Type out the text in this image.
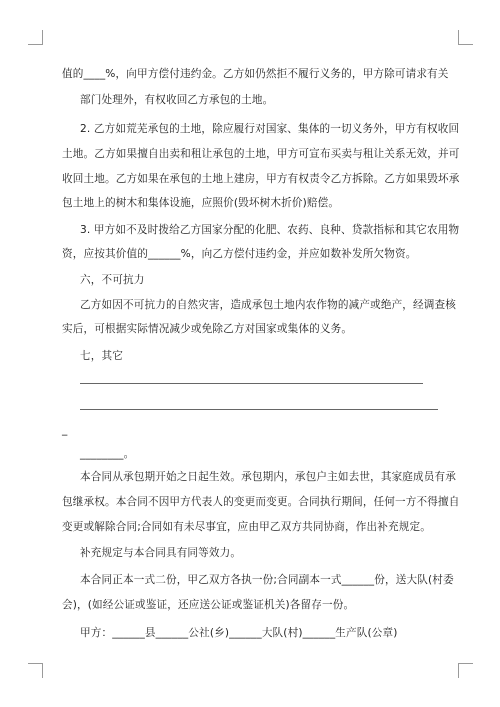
值的____%，向甲方偿付违约金。乙方如仍然拒不履行义务的，甲方除可请求有关
部门处理外，有权收回乙方承包的土地。
2. 乙方如荒芜承包的土地，除应履行对国家、集体的一切义务外，甲方有权收回
土地。乙方如果擅自出卖和租让承包的土地，甲方可宣布买卖与租让关系无效，并可
收回土地。乙方如果在承包的土地上建房，甲方有权责令乙方拆除。乙方如果毁坏承
包土地上的树木和集体设施，应照价(毁坏树木折价)赔偿。
3. 甲方如不及时拨给乙方国家分配的化肥、农药、良种、贷款指标和其它农用物
资，应按其价值的______%，向乙方偿付违约金，并应如数补发所欠物资。
六，不可抗力
乙方如因不可抗力的自然灾害，造成承包土地内农作物的减产或绝产，经调查核
实后，可根据实际情况减少或免除乙方对国家或集体的义务。
七，其它
_
________。
本合同从承包期开始之日起生效。承包期内，承包户主如去世，其家庭成员有承
包继承权。本合同不因甲方代表人的变更而变更。合同执行期间，任何一方不得擅自
变更或解除合同;合同如有未尽事宜，应由甲乙双方共同协商，作出补充规定。
补充规定与本合同具有同等效力。
本合同正本一式二份，甲乙双方各执一份;合同副本一式______份，送大队(村委
会)，(如经公证或鉴证，还应送公证或鉴证机关)各留存一份。
甲方：______县______公社(乡)______大队(村)______生产队(公章)
